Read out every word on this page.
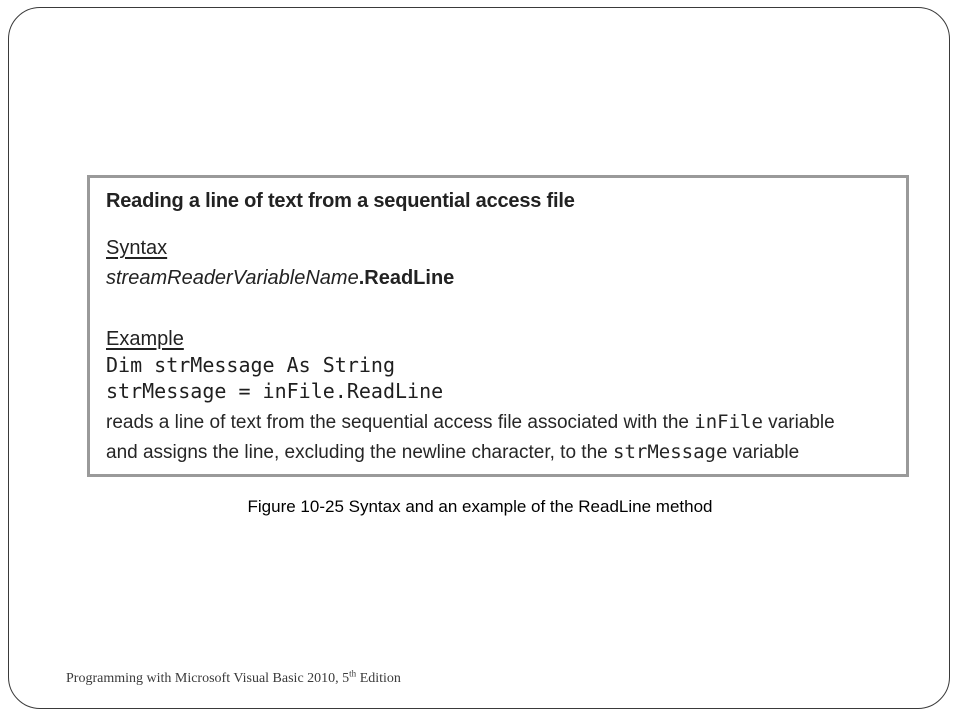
Reading a line of text from a sequential access file
Syntax
streamReaderVariableName.ReadLine
Example
Dim strMessage As String
strMessage = inFile.ReadLine
reads a line of text from the sequential access file associated with the inFile variable
and assigns the line, excluding the newline character, to the strMessage variable
Figure 10-25 Syntax and an example of the ReadLine method
Programming with Microsoft Visual Basic 2010, 5th Edition
